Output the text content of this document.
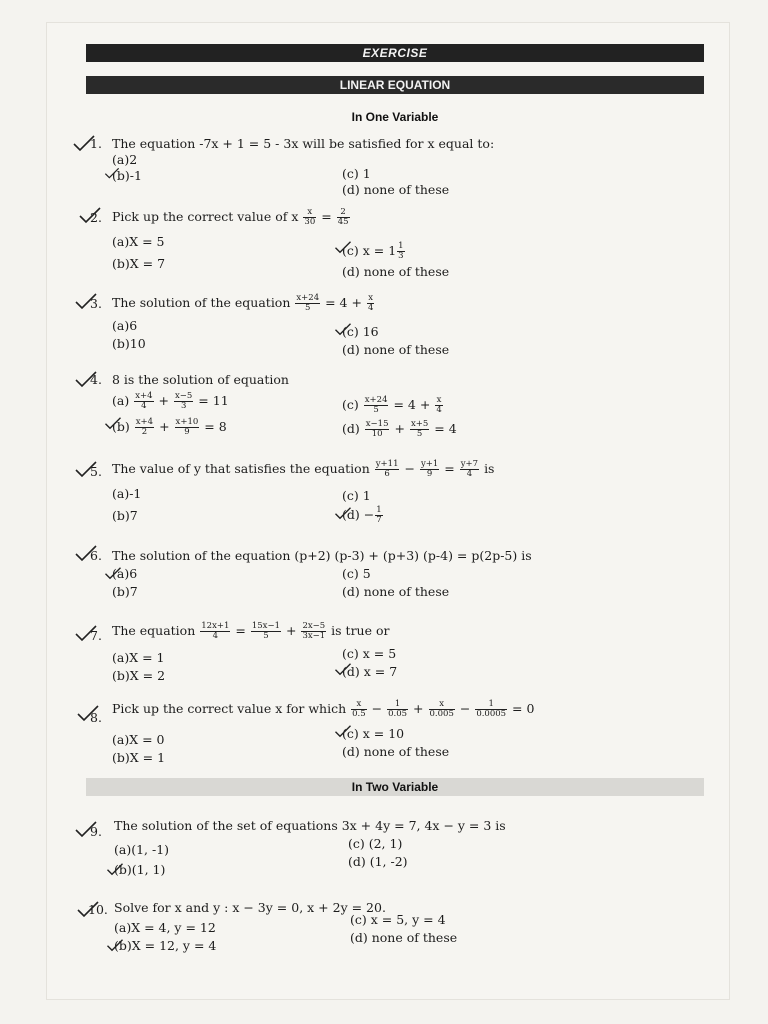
EXERCISE
LINEAR EQUATION
In One Variable
1. The equation -7x + 1 = 5 - 3x will be satisfied for x equal to:
(a)2
(b)-1	(c) 1
(d) none of these
2. Pick up the correct value of x $\frac{x}{30} = \frac{2}{45}$
(a)X = 5
(b)X = 7
(c) $x = 1 \frac{1}{3}$
(d) none of these
3. The solution of the equation $\frac{x+24}{5} = 4 + \frac{x}{4}$
(a)6
(b)10
(c) 16
(d) none of these
4. 8 is the solution of equation
$(a) \frac{x+4}{4} + \frac{x-5}{3} = 11$
$(b) \frac{x+4}{2} + \frac{x+10}{9} = 8$
$(c) \frac{x+24}{5} = 4 + \frac{x}{4}$
$(d) \frac{x-15}{10} + \frac{x+5}{5} = 4$
5. The value of y that satisfies the equation $\frac{y+11}{6} - \frac{y+1}{9} = \frac{y+7}{4}$ is
(a)-1
(b)7
(c) 1
$(d) - \frac{1}{7}$
6. The solution of the equation (p+2) (p-3) + (p+3) (p-4) = p(2p-5) is
(a)6
(b)7
(c) 5
(d) none of these
7. The equation $\frac{12x+1}{4} = \frac{15x-1}{5} + \frac{2x-5}{3x-1}$ is true or
(a)X = 1
(b)X = 2
(c) x = 5
(d) x = 7
8.
Pick up the correct value x for which $\frac{x}{0.5} - \frac{1}{0.05} + \frac{x}{0.005} - \frac{1}{0.0005} = 0$
(a)X = 0
(b)X = 1
(c) x = 10
(d) none of these
In Two Variable
9. The solution of the set of equations 3x + 4y = 7, 4x − y = 3 is
(a)(1, -1)
(b)(1, 1)
(c) (2, 1)
(d) (1, -2)
10. Solve for x and y : x − 3y = 0, x + 2y = 20.
(a)X = 4, y = 12
(b)X = 12, y = 4
(c) x = 5, y = 4
(d) none of these
